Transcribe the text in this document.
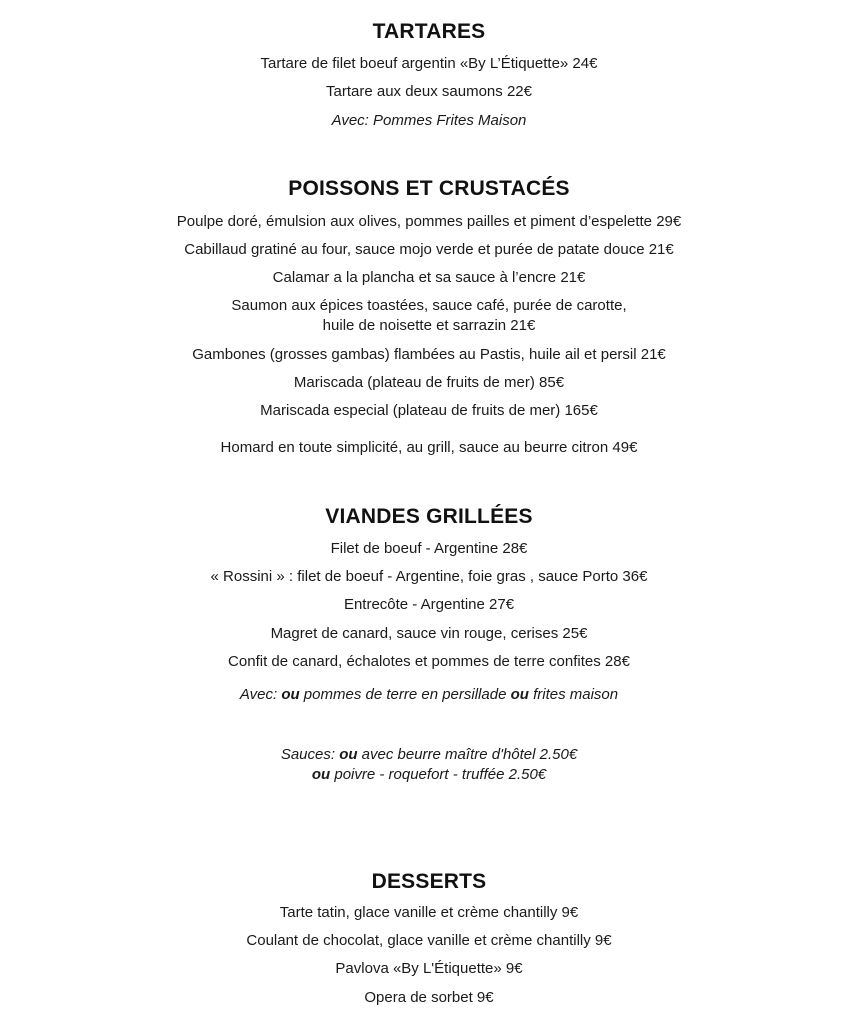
TARTARES
Tartare de filet boeuf argentin «By L’Étiquette» 24€
Tartare aux deux saumons 22€
Avec: Pommes Frites Maison
POISSONS ET CRUSTACÉS
Poulpe doré, émulsion aux olives, pommes pailles et piment d’espelette 29€
Cabillaud gratiné au four, sauce mojo verde et purée de patate douce 21€
Calamar a la plancha et sa sauce à l’encre 21€
Saumon aux épices toastées, sauce café, purée de carotte,
huile de noisette et sarrazin 21€
Gambones (grosses gambas) flambées au Pastis, huile ail et persil 21€
Mariscada (plateau de fruits de mer) 85€
Mariscada especial (plateau de fruits de mer) 165€
Homard en toute simplicité, au grill, sauce au beurre citron 49€
VIANDES GRILLÉES
Filet de boeuf - Argentine 28€
« Rossini » : filet de boeuf - Argentine, foie gras , sauce Porto 36€
Entrecôte - Argentine 27€
Magret de canard, sauce vin rouge, cerises 25€
Confit de canard, échalotes et pommes de terre confites 28€
Avec: ou pommes de terre en persillade ou frites maison
Sauces: ou avec beurre maître d'hôtel 2.50€
ou poivre - roquefort - truffée 2.50€
DESSERTS
Tarte tatin, glace vanille et crème chantilly 9€
Coulant de chocolat, glace vanille et crème chantilly 9€
Pavlova «By L'Étiquette» 9€
Opera de sorbet 9€
